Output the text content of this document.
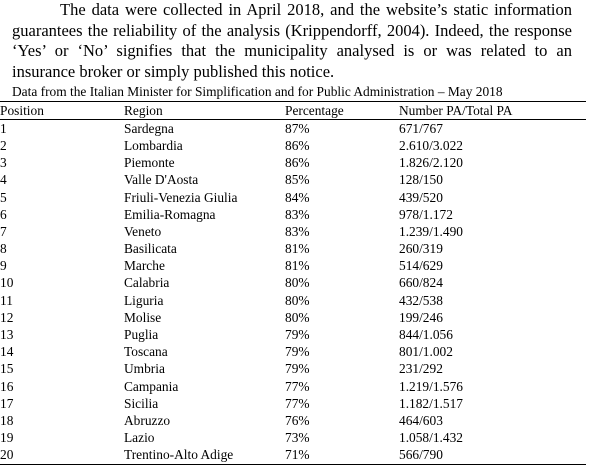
The data were collected in April 2018, and the website’s static information guarantees the reliability of the analysis (Krippendorff, 2004). Indeed, the response ‘Yes’ or ‘No’ signifies that the municipality analysed is or was related to an insurance broker or simply published this notice.

Data from the Italian Minister for Simplification and for Public Administration – May 2018
Position	Region	Percentage	Number PA/Total PA
1	Sardegna	87%	671/767
2	Lombardia	86%	2.610/3.022
3	Piemonte	86%	1.826/2.120
4	Valle D'Aosta	85%	128/150
5	Friuli-Venezia Giulia	84%	439/520
6	Emilia-Romagna	83%	978/1.172
7	Veneto	83%	1.239/1.490
8	Basilicata	81%	260/319
9	Marche	81%	514/629
10	Calabria	80%	660/824
11	Liguria	80%	432/538
12	Molise	80%	199/246
13	Puglia	79%	844/1.056
14	Toscana	79%	801/1.002
15	Umbria	79%	231/292
16	Campania	77%	1.219/1.576
17	Sicilia	77%	1.182/1.517
18	Abruzzo	76%	464/603
19	Lazio	73%	1.058/1.432
20	Trentino-Alto Adige	71%	566/790
